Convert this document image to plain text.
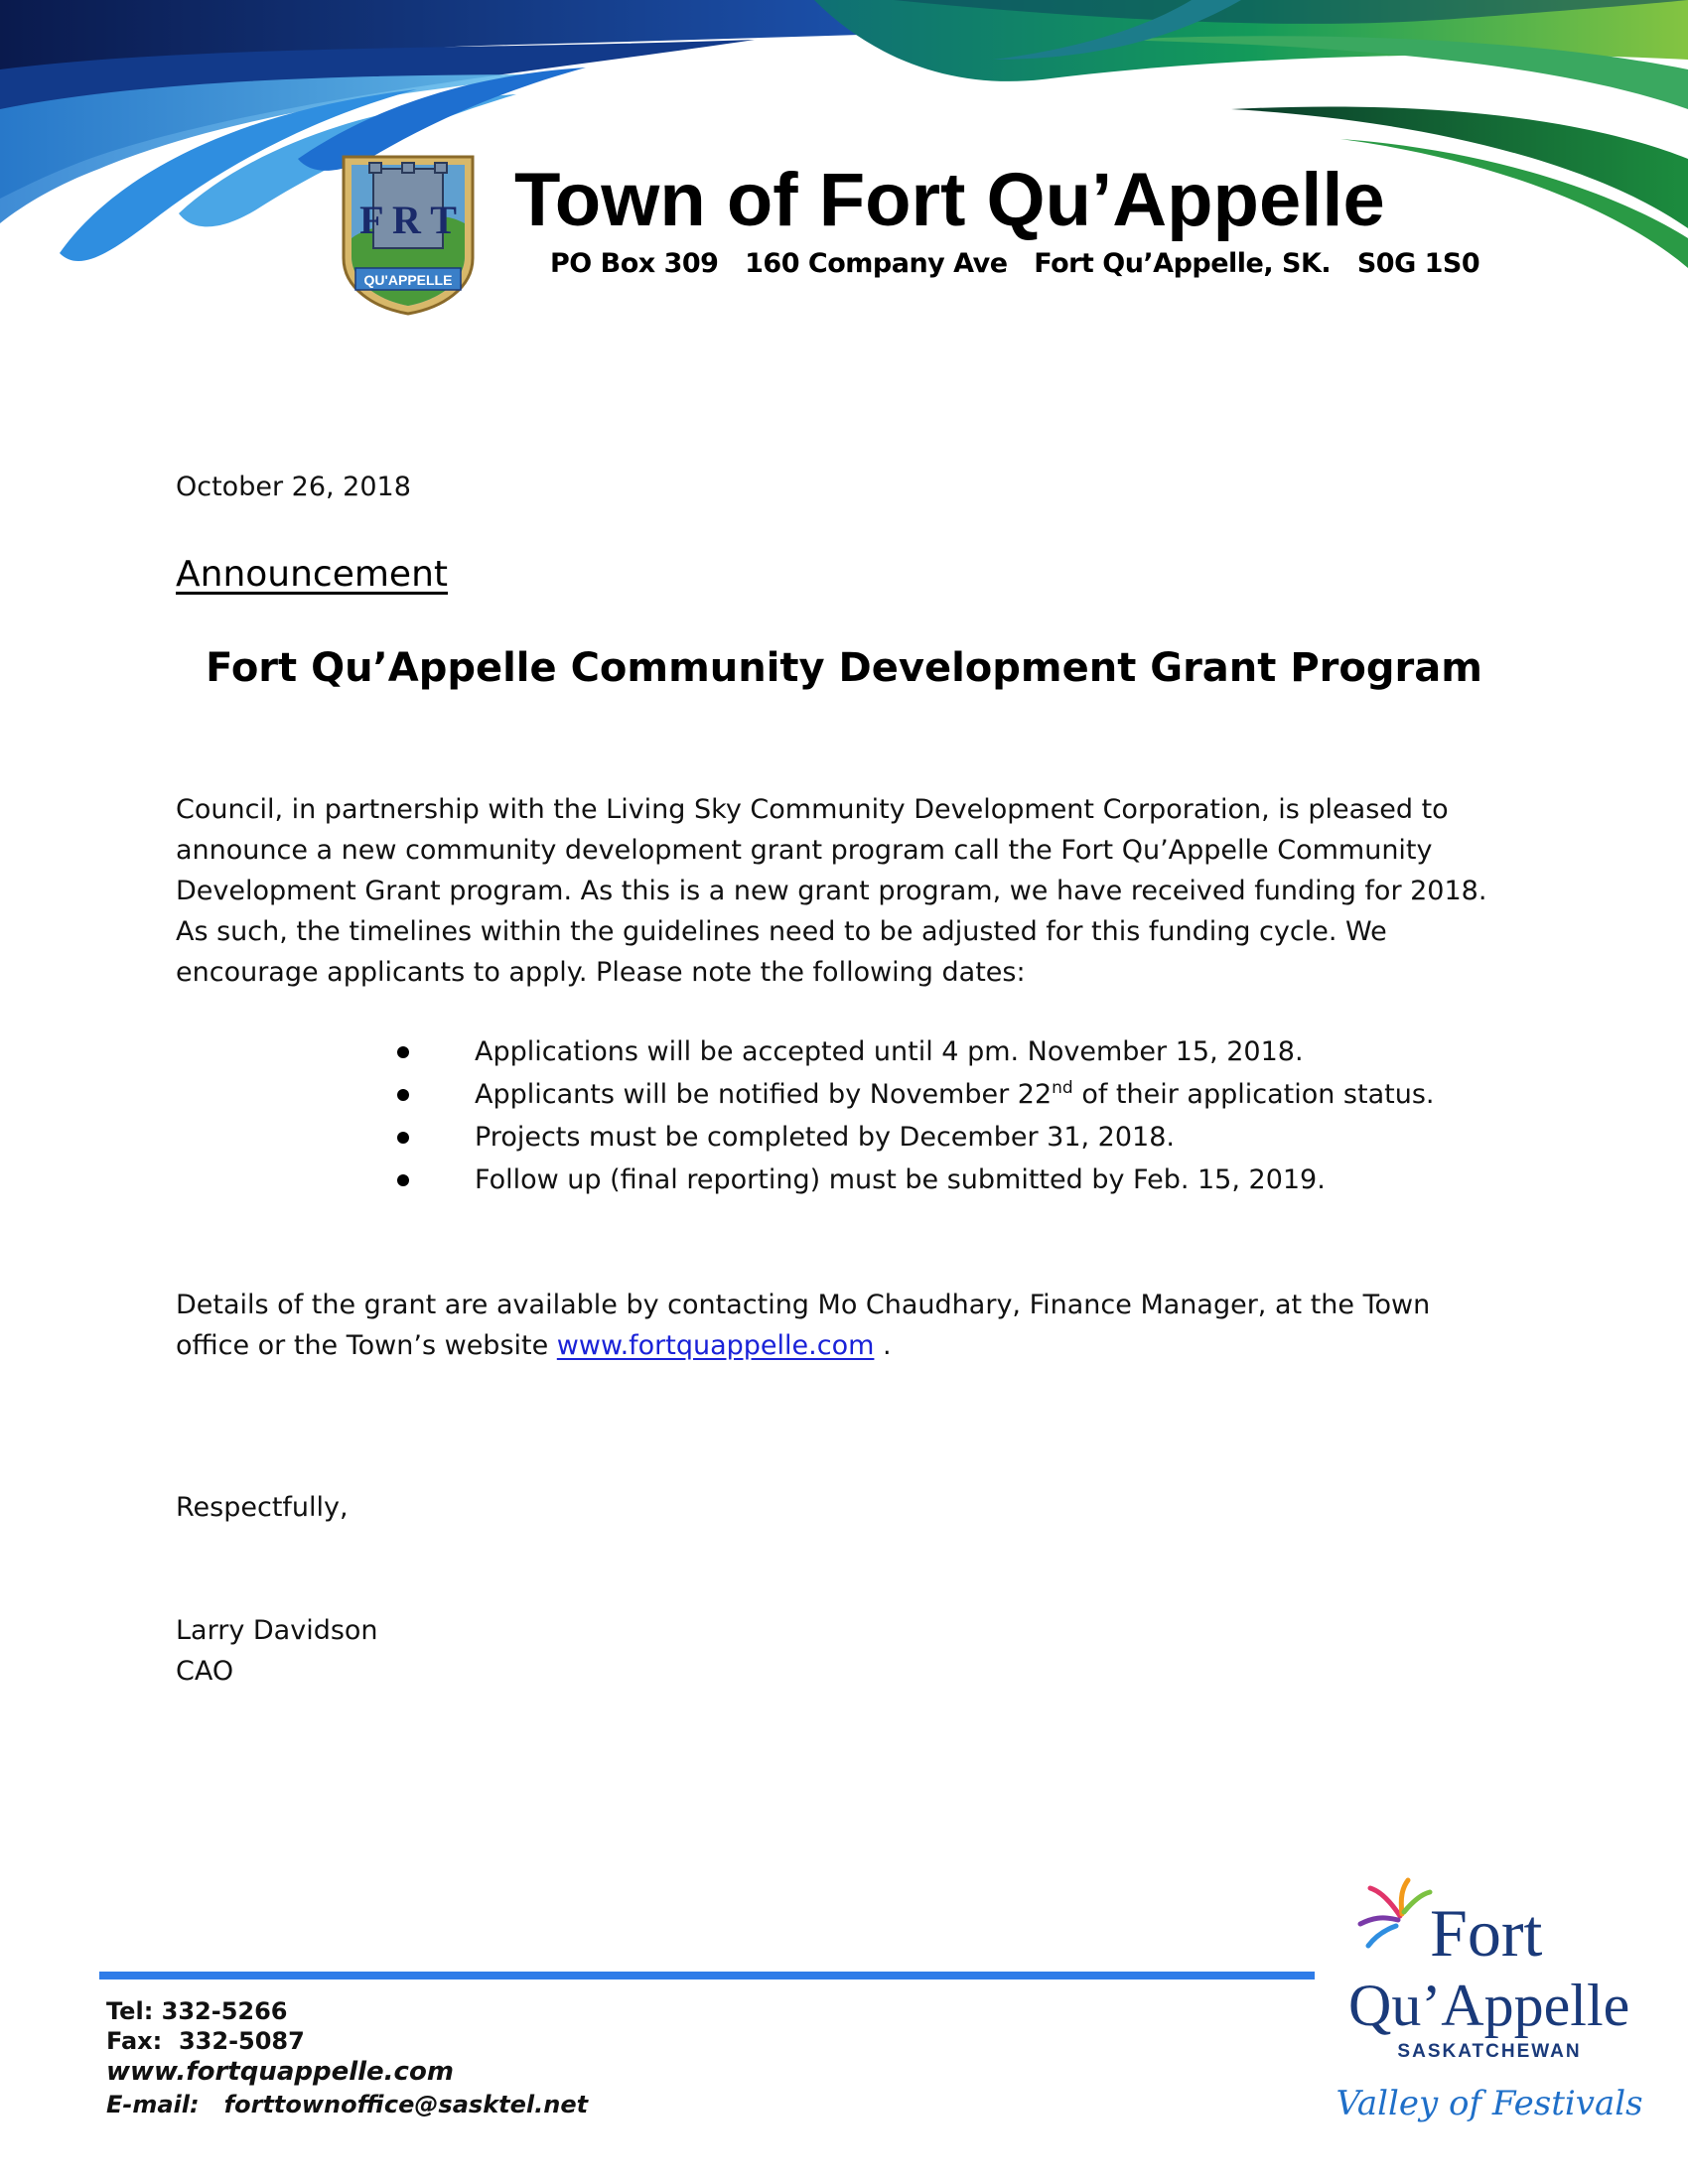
F R T
QU'APPELLE
Town of Fort Qu’Appelle
PO Box 309   160 Company Ave   Fort Qu’Appelle, SK.   S0G 1S0
October 26, 2018
Announcement
Fort Qu’Appelle Community Development Grant Program
Council, in partnership with the Living Sky Community Development Corporation, is pleased to
announce a new community development grant program call the Fort Qu’Appelle Community
Development Grant program. As this is a new grant program, we have received funding for 2018.
As such, the timelines within the guidelines need to be adjusted for this funding cycle. We
encourage applicants to apply. Please note the following dates:
Applications will be accepted until 4 pm. November 15, 2018.
Applicants will be notified by November 22nd of their application status.
Projects must be completed by December 31, 2018.
Follow up (final reporting) must be submitted by Feb. 15, 2019.
Details of the grant are available by contacting Mo Chaudhary, Finance Manager, at the Town
office or the Town’s website www.fortquappelle.com .
Respectfully,
Larry Davidson
CAO
Tel: 332-5266
Fax:  332-5087
www.fortquappelle.com
E-mail:   forttownoffice@sasktel.net
Fort
Qu’Appelle
SASKATCHEWAN
Valley of Festivals
